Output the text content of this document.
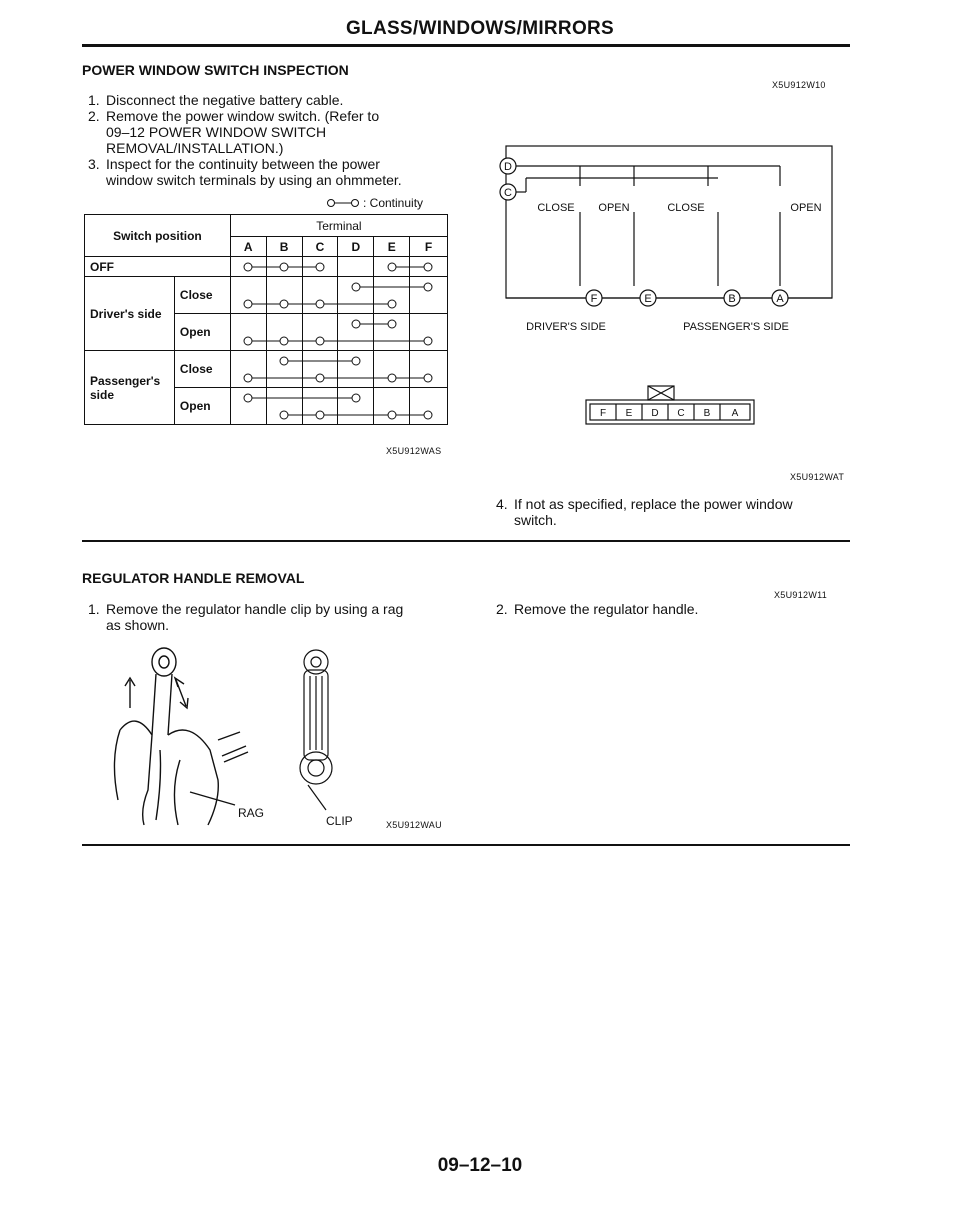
GLASS/WINDOWS/MIRRORS
POWER WINDOW SWITCH INSPECTION
X5U912W10
1. Disconnect the negative battery cable.
2. Remove the power window switch. (Refer to
09–12 POWER WINDOW SWITCH
REMOVAL/INSTALLATION.)
3. Inspect for the continuity between the power
window switch terminals by using an ohmmeter.
: Continuity
Switch position		Terminal					
		A	B	C	D	E	F
OFF							
Driver's side	Close						
	Open						
Passenger's side	Close						
	Open						
X5U912WAS
D
C
F	E	B	A
CLOSE OPEN	CLOSE	OPEN
DRIVER'S SIDE	PASSENGER'S SIDE
F E D C B A
X5U912WAT
4. If not as specified, replace the power window
switch.
REGULATOR HANDLE REMOVAL
X5U912W11
1. Remove the regulator handle clip by using a rag
as shown.
2. Remove the regulator handle.
RAG
CLIP	X5U912WAU
09–12–10
